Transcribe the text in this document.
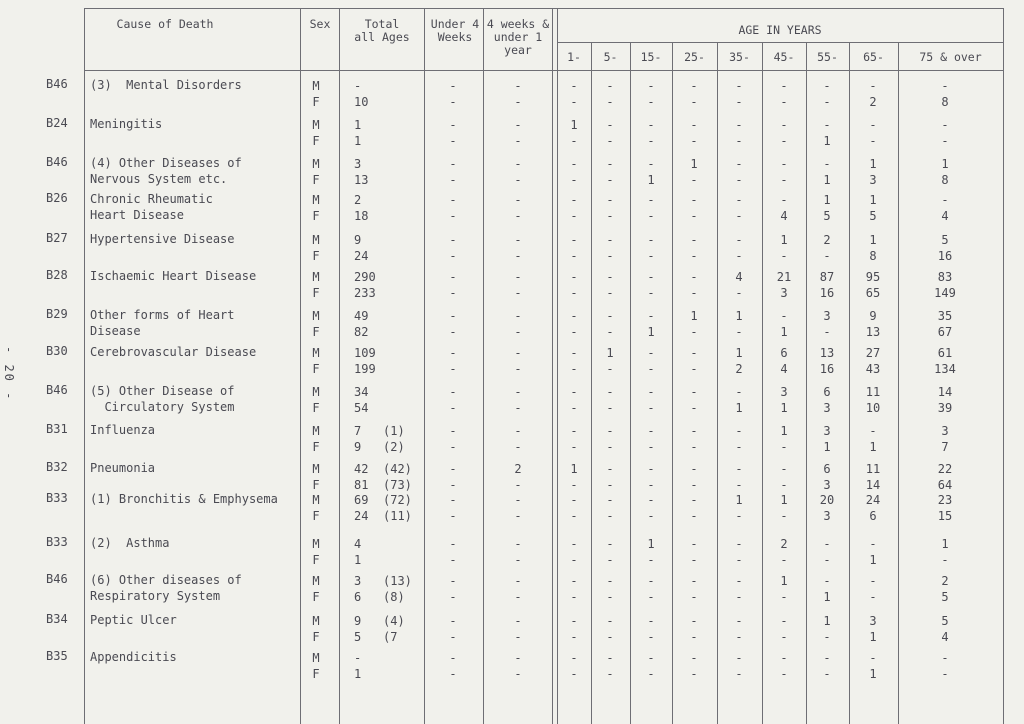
Cause of Death	Sex	Total all Ages
Under 4 Weeks
4 weeks & under 1 year
AGE IN YEARS
1-	5-	15-	25-	35-	45-	55-	65-	75 & over
- 20 -
B46 (3)  Mental Disorders	M	-	-	-	-	-	-	-	-	-	-	-	-
F	10	-	-	-	-	-	-	-	-	-	2	8
B24 Meningitis	M	1	-	-	1	-	-	-	-	-	-	-	-
F	1	-	-	-	-	-	-	-	-	1	-	-
B46 (4) Other Diseases of
Nervous System etc.
M	3	-	-	-	-	-	1	-	-	-	1	1
F	13	-	-	-	-	1	-	-	-	1	3	8
B26 Chronic Rheumatic
Heart Disease
M	2	-	-	-	-	-	-	-	-	1	1	-
F	18	-	-	-	-	-	-	-	4	5	5	4
B27 Hypertensive Disease	M	9	-	-	-	-	-	-	-	1	2	1	5
F	24	-	-	-	-	-	-	-	-	-	8	16
B28 Ischaemic Heart Disease	M	290	-	-	-	-	-	-	4	21	87	95	83
F	233	-	-	-	-	-	-	-	3	16	65	149
B29 Other forms of Heart
Disease
M	49	-	-	-	-	-	1	1	-	3	9	35
F	82	-	-	-	-	1	-	-	1	-	13	67
B30 Cerebrovascular Disease	M	109	-	-	-	1	-	-	1	6	13	27	61
F	199	-	-	-	-	-	-	2	4	16	43	134
B46 (5) Other Disease of
Circulatory System
M	34	-	-	-	-	-	-	-	3	6	11	14
F	54	-	-	-	-	-	-	1	1	3	10	39
B31 Influenza	M	7 (1)	-	-	-	-	-	-	-	1	3	-	3
F	9 (2)	-	-	-	-	-	-	-	-	1	1	7
B32 Pneumonia	M	42 (42)	-	2	1	-	-	-	-	-	6	11	22
F	81 (73)	-	-	-	-	-	-	-	-	3	14	64
B33 (1) Bronchitis & Emphysema	M	69 (72)	-	-	-	-	-	-	1	1	20	24	23
F	24 (11)	-	-	-	-	-	-	-	-	3	6	15
B33 (2)  Asthma	M	4	-	-	-	-	1	-	-	2	-	-	1
F	1	-	-	-	-	-	-	-	-	-	1	-
B46 (6) Other diseases of
Respiratory System
M	3 (13)	-	-	-	-	-	-	-	1	-	-	2
F	6 (8)	-	-	-	-	-	-	-	-	1	-	5
B34 Peptic Ulcer	M	9 (4)	-	-	-	-	-	-	-	-	1	3	5
F	5 (7	-	-	-	-	-	-	-	-	-	1	4
B35 Appendicitis	M	-	-	-	-	-	-	-	-	-	-	-	-
F	1	-	-	-	-	-	-	-	-	-	1	-
